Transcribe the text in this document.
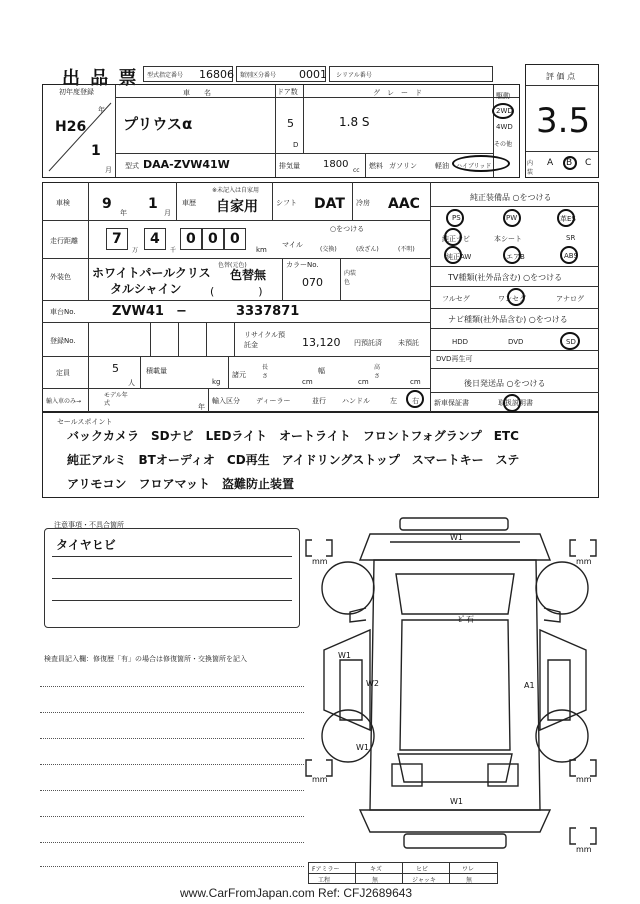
出 品 票 型式指定番号 16806 類別区分番号 0001 シリアル番号	評 価 点
3.5
内装
A B C
初年度登録
H26
年
1
月
車　　名
プリウスα
ドア数
5
D
グ　レ　ー　ド
1.8 S
駆動
2WD
4WD
その他
型式 DAA-ZVW41W	排気量 1800
cc
燃料 ガソリン	軽油 ハイブリッド
車検 9
年
1
月
車歴
※未記入は自家用
自家用	シフト DAT 冷房 AAC
走行距離 7
万
4
千
0 0 0
km
○をつける
マイル
(交換)	(改ざん)	(不明)
外装色 ホワイトパールクリス
タルシャイン
色替(元色)
色替無
(　　　　)
カラーNo.
070
内装色
車台No.	ZVW41 −	3337871
登録No.
リサイクル預託金	13,120 円預託済 未預託
定員	5
人
積載量
kg
諸元
長さ
cm
幅
cm
高さ
cm
輸入車のみ→
モデル年式	年
輸入区分 ディーラー	並行 ハンドル	左 右
純正装備品 ○をつける
PS	PW	革ES
純正ナビ	本シート	SR
純正AW	エアB	ABS
TV種類(社外品含む) ○をつける
フルセグ	ワンセグ	アナログ
ナビ種類(社外品含む) ○をつける
HDD	DVD	SD
DVD再生可
後日発送品 ○をつける
新車保証書	取扱説明書
セールスポイント
バックカメラ　SDナビ　LEDライト　オートライト　フロントフォグランプ　ETC
純正アルミ　BTオーディオ　CD再生　アイドリングストップ　スマートキー　ステ
アリモコン　フロアマット　盗難防止装置
注意事項・不具合箇所
タイヤヒビ
検査員記入欄：修復歴「有」の場合は修復箇所・交換箇所を記入
W1
W1
W1
W1
W2	A1
ﾋﾟ石
mm	mm
mm	mm
mm
Fアミラー	キズ	ヒビ	ワレ
工程	無	ジャッキ	無
www.CarFromJapan.com Ref: CFJ2689643
